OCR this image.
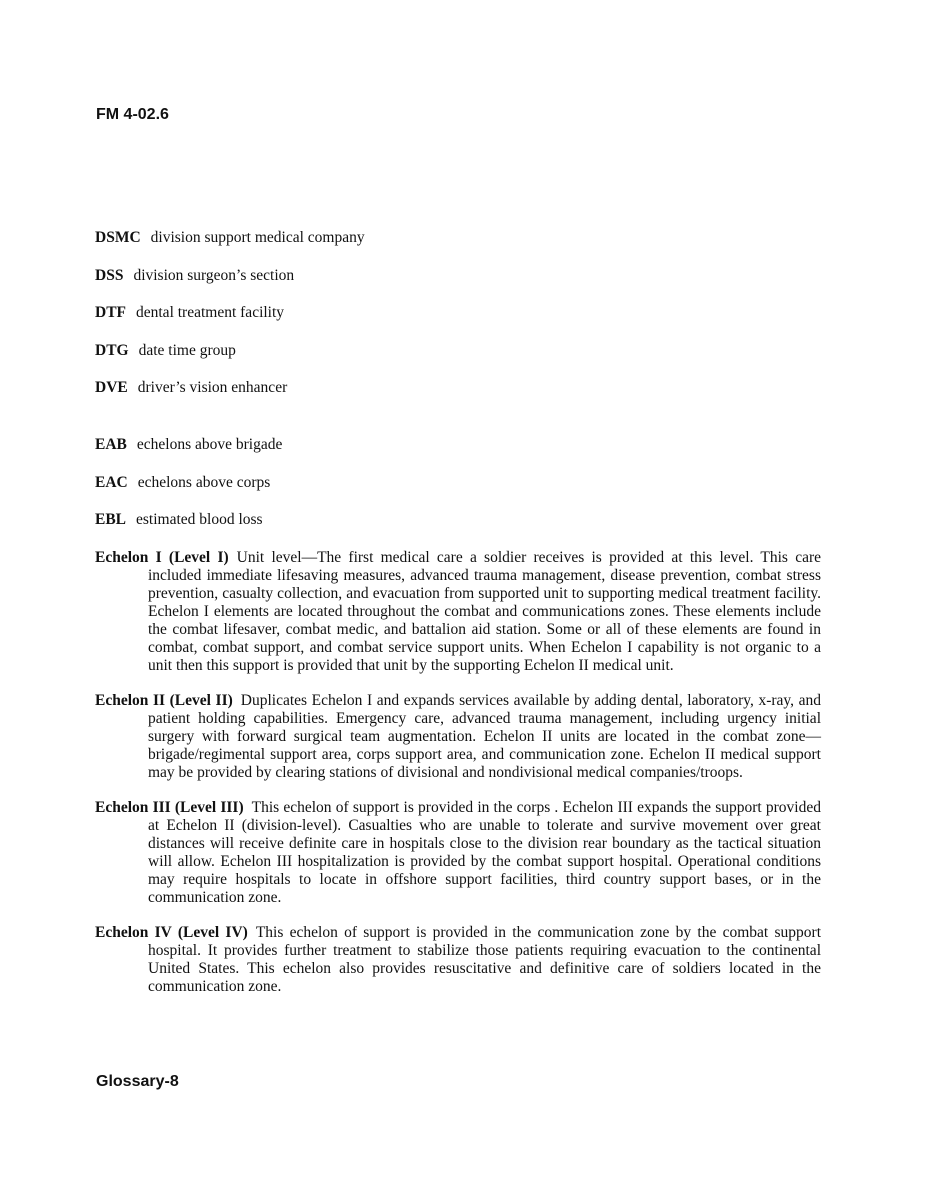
FM 4-02.6

DSMC division support medical company

DSS division surgeon’s section

DTF dental treatment facility

DTG date time group

DVE driver’s vision enhancer

EAB echelons above brigade

EAC echelons above corps

EBL estimated blood loss

Echelon I (Level I) Unit level—The first medical care a soldier receives is provided at this level. This care included immediate lifesaving measures, advanced trauma management, disease prevention, combat stress prevention, casualty collection, and evacuation from supported unit to supporting medical treatment facility. Echelon I elements are located throughout the combat and communications zones. These elements include the combat lifesaver, combat medic, and battalion aid station. Some or all of these elements are found in combat, combat support, and combat service support units. When Echelon I capability is not organic to a unit then this support is provided that unit by the supporting Echelon II medical unit.

Echelon II (Level II) Duplicates Echelon I and expands services available by adding dental, laboratory, x-ray, and patient holding capabilities. Emergency care, advanced trauma management, including urgency initial surgery with forward surgical team augmentation. Echelon II units are located in the combat zone—brigade/regimental support area, corps support area, and communication zone. Echelon II medical support may be provided by clearing stations of divisional and nondivisional medical companies/troops.

Echelon III (Level III) This echelon of support is provided in the corps . Echelon III expands the support provided at Echelon II (division-level). Casualties who are unable to tolerate and survive movement over great distances will receive definite care in hospitals close to the division rear boundary as the tactical situation will allow. Echelon III hospitalization is provided by the combat support hospital. Operational conditions may require hospitals to locate in offshore support facilities, third country support bases, or in the communication zone.

Echelon IV (Level IV) This echelon of support is provided in the communication zone by the combat support hospital. It provides further treatment to stabilize those patients requiring evacuation to the continental United States. This echelon also provides resuscitative and definitive care of soldiers located in the communication zone.

Glossary-8
